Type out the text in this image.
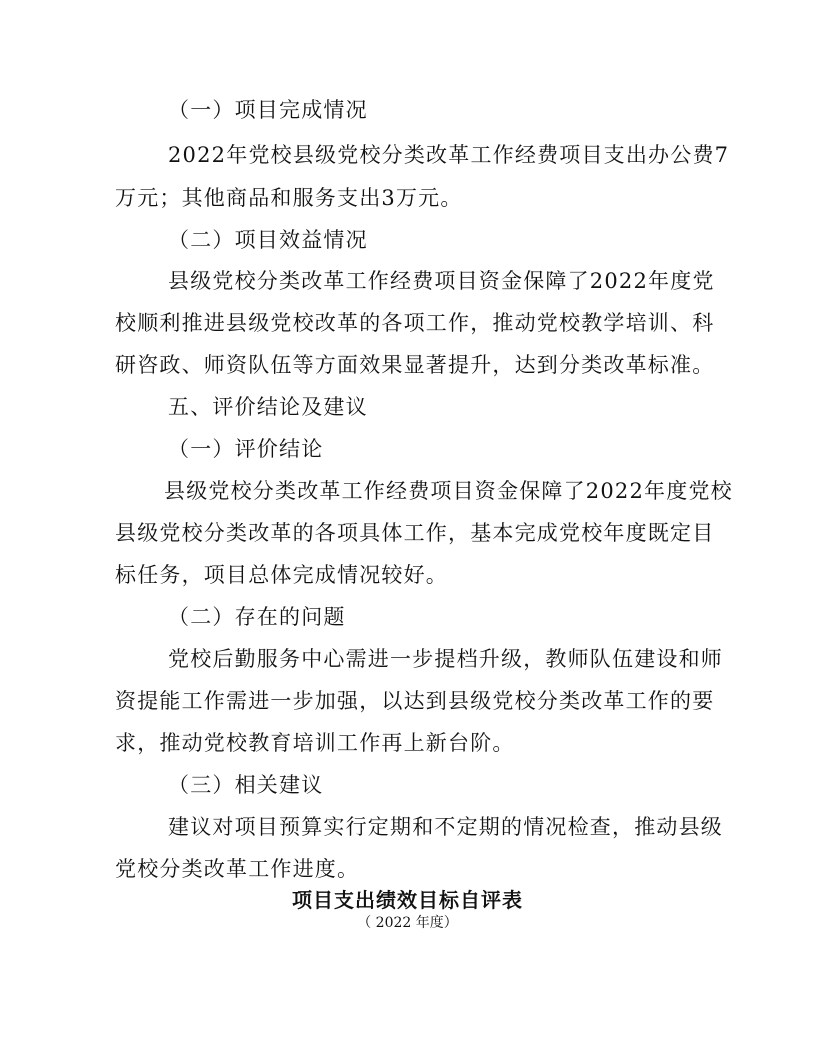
（一）项目完成情况
2022年党校县级党校分类改革工作经费项目支出办公费7
万元；其他商品和服务支出3万元。
（二）项目效益情况
县级党校分类改革工作经费项目资金保障了2022年度党
校顺利推进县级党校改革的各项工作，推动党校教学培训、科
研咨政、师资队伍等方面效果显著提升，达到分类改革标准。
五、评价结论及建议
（一）评价结论
县级党校分类改革工作经费项目资金保障了2022年度党校
县级党校分类改革的各项具体工作，基本完成党校年度既定目
标任务，项目总体完成情况较好。
（二）存在的问题
党校后勤服务中心需进一步提档升级，教师队伍建设和师
资提能工作需进一步加强，以达到县级党校分类改革工作的要
求，推动党校教育培训工作再上新台阶。
（三）相关建议
建议对项目预算实行定期和不定期的情况检查，推动县级
党校分类改革工作进度。
项目支出绩效目标自评表
（ 2022 年度）
